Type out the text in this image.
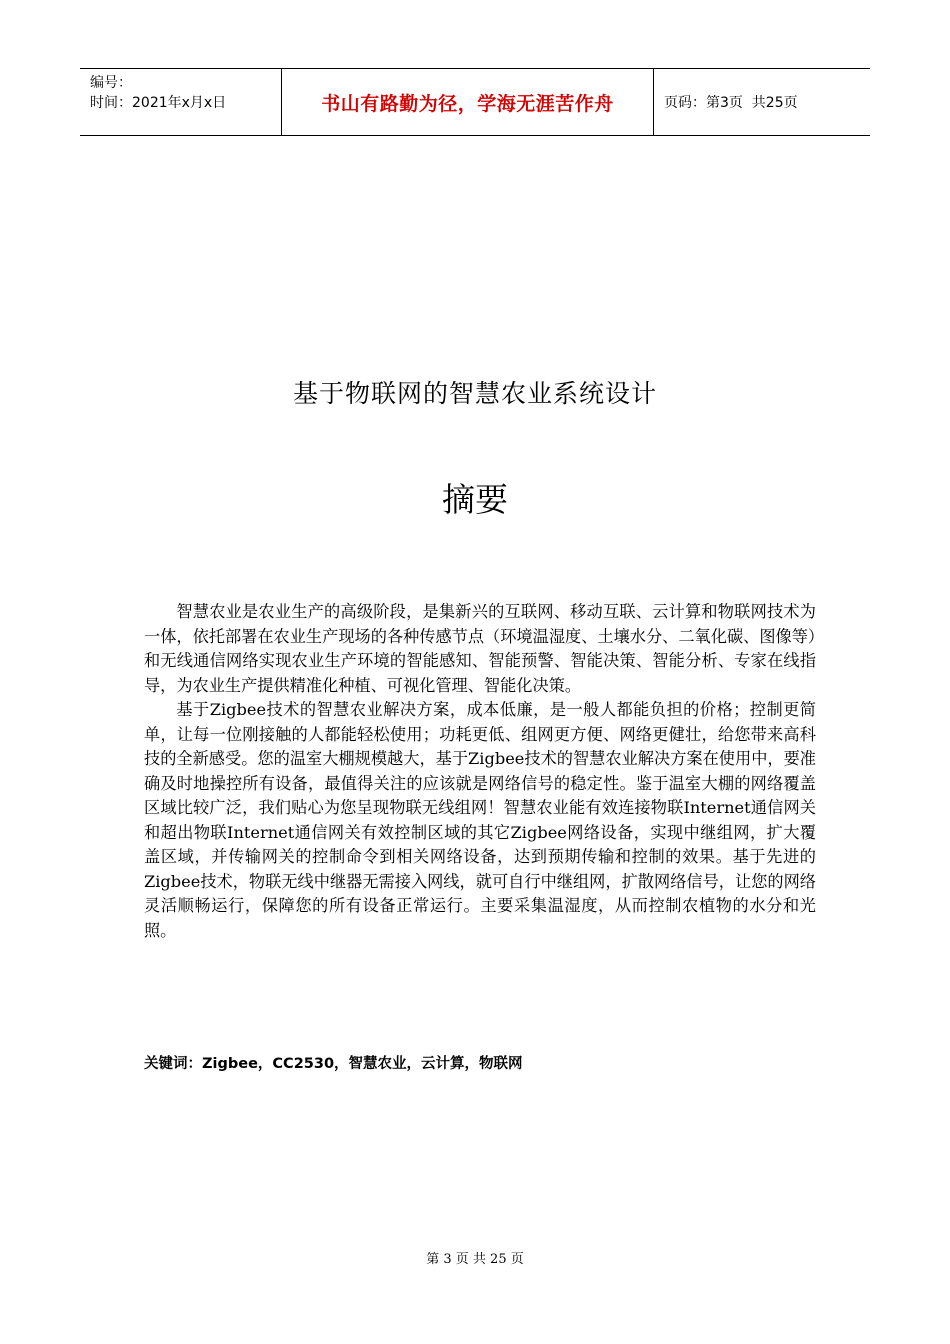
编号：
时间：2021年x月x日	书山有路勤为径，学海无涯苦作舟	页码：第3页  共25页
基于物联网的智慧农业系统设计
摘要

智慧农业是农业生产的高级阶段，是集新兴的互联网、移动互联、云计算和物联网技术为一体，依托部署在农业生产现场的各种传感节点（环境温湿度、土壤水分、二氧化碳、图像等）和无线通信网络实现农业生产环境的智能感知、智能预警、智能决策、智能分析、专家在线指导，为农业生产提供精准化种植、可视化管理、智能化决策。

基于Zigbee技术的智慧农业解决方案，成本低廉，是一般人都能负担的价格；控制更简单，让每一位刚接触的人都能轻松使用；功耗更低、组网更方便、网络更健壮，给您带来高科技的全新感受。您的温室大棚规模越大，基于Zigbee技术的智慧农业解决方案在使用中，要准确及时地操控所有设备，最值得关注的应该就是网络信号的稳定性。鉴于温室大棚的网络覆盖区域比较广泛，我们贴心为您呈现物联无线组网！智慧农业能有效连接物联Internet通信网关和超出物联Internet通信网关有效控制区域的其它Zigbee网络设备，实现中继组网，扩大覆盖区域，并传输网关的控制命令到相关网络设备，达到预期传输和控制的效果。基于先进的Zigbee技术，物联无线中继器无需接入网线，就可自行中继组网，扩散网络信号，让您的网络灵活顺畅运行，保障您的所有设备正常运行。主要采集温湿度，从而控制农植物的水分和光照。

关键词：Zigbee，CC2530，智慧农业，云计算，物联网
第 3 页 共 25 页
